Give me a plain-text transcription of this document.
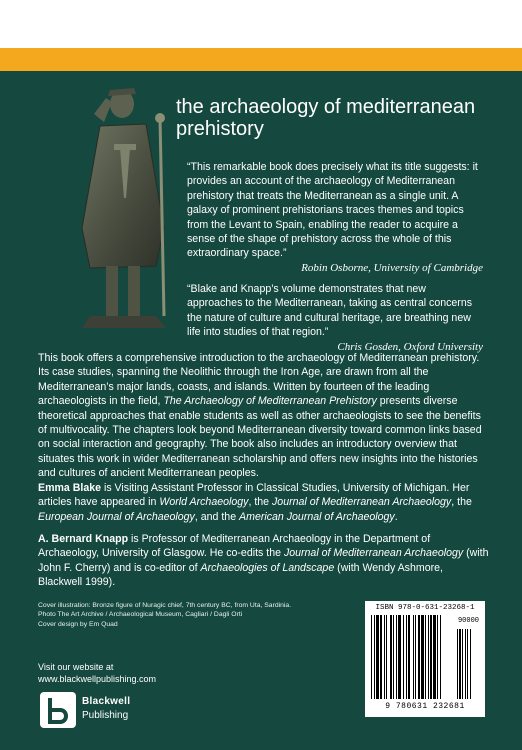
the archaeology of mediterranean
prehistory
“This remarkable book does precisely what its title suggests: it provides an account of the archaeology of Mediterranean prehistory that treats the Mediterranean as a single unit. A galaxy of prominent prehistorians traces themes and topics from the Levant to Spain, enabling the reader to acquire a sense of the shape of prehistory across the whole of this extraordinary space.”
Robin Osborne, University of Cambridge
“Blake and Knapp’s volume demonstrates that new approaches to the Mediterranean, taking as central concerns the nature of culture and cultural heritage, are breathing new life into studies of that region.”
Chris Gosden, Oxford University
This book offers a comprehensive introduction to the archaeology of Mediterranean prehistory. Its case studies, spanning the Neolithic through the Iron Age, are drawn from all the Mediterranean’s major lands, coasts, and islands. Written by fourteen of the leading archaeologists in the field, The Archaeology of Mediterranean Prehistory presents diverse theoretical approaches that enable students as well as other archaeologists to see the benefits of multivocality. The chapters look beyond Mediterranean diversity toward common links based on social interaction and geography. The book also includes an introductory overview that situates this work in wider Mediterranean scholarship and offers new insights into the histories and cultures of ancient Mediterranean peoples.
Emma Blake is Visiting Assistant Professor in Classical Studies, University of Michigan. Her articles have appeared in World Archaeology, the Journal of Mediterranean Archaeology, the European Journal of Archaeology, and the American Journal of Archaeology.
A. Bernard Knapp is Professor of Mediterranean Archaeology in the Department of Archaeology, University of Glasgow. He co-edits the Journal of Mediterranean Archaeology (with John F. Cherry) and is co-editor of Archaeologies of Landscape (with Wendy Ashmore, Blackwell 1999).
Cover illustration: Bronze figure of Nuragic chief, 7th century BC, from Uta, Sardinia.
Photo The Art Archive / Archaeological Museum, Cagliari / Dagli Orti
Cover design by Em Quad
Visit our website at
www.blackwellpublishing.com
Blackwell
Publishing
ISBN 978-0-631-23268-1
90000
9 780631 232681
